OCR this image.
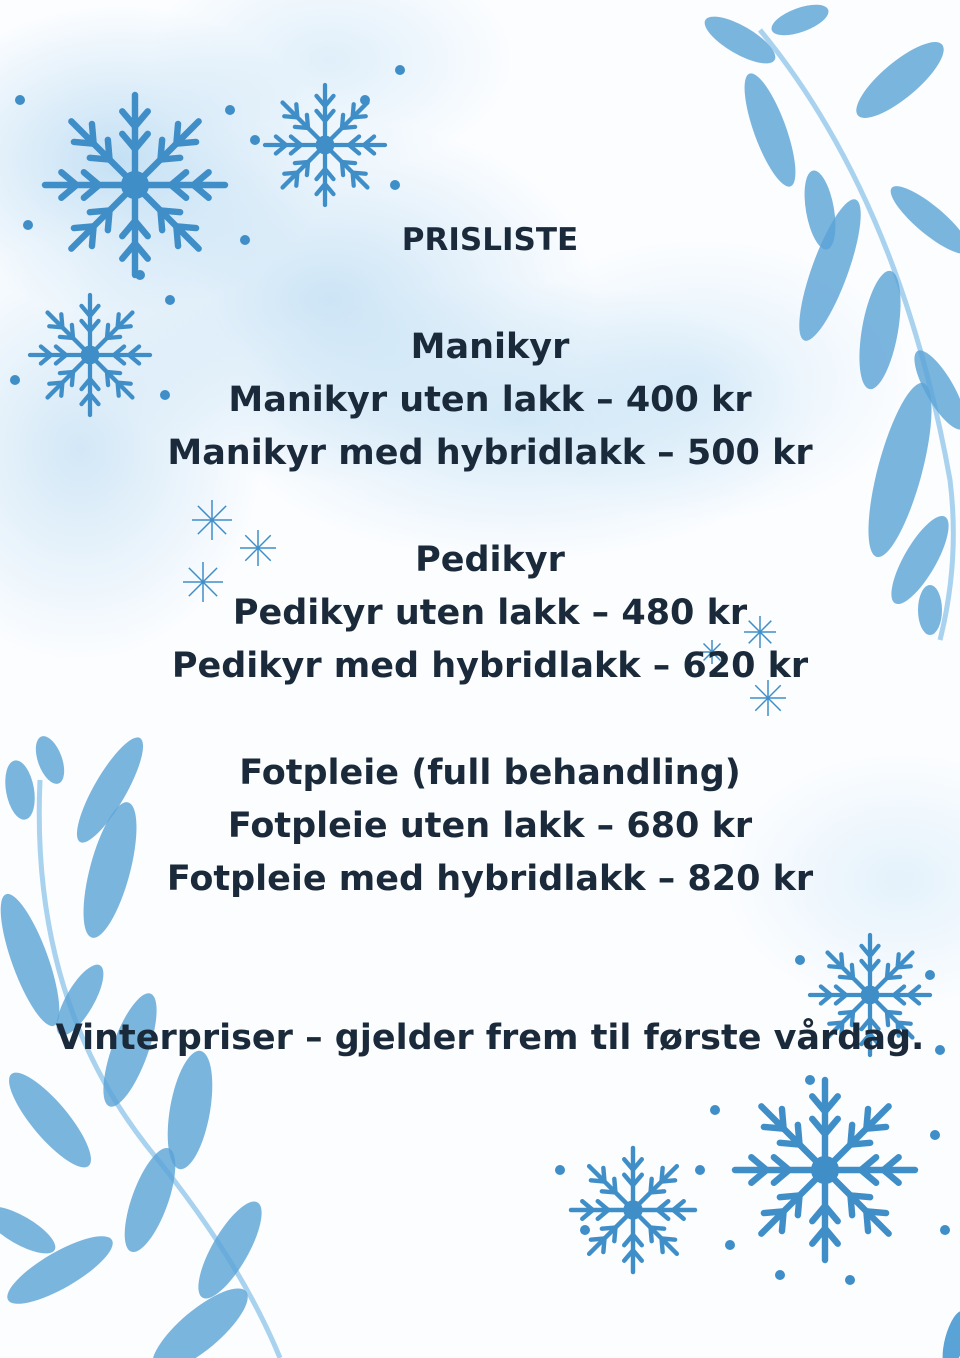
PRISLISTE
Manikyr
Manikyr uten lakk – 400 kr
Manikyr med hybridlakk – 500 kr
Pedikyr
Pedikyr uten lakk – 480 kr
Pedikyr med hybridlakk – 620 kr
Fotpleie (full behandling)
Fotpleie uten lakk – 680 kr
Fotpleie med hybridlakk – 820 kr
Vinterpriser – gjelder frem til første vårdag.
